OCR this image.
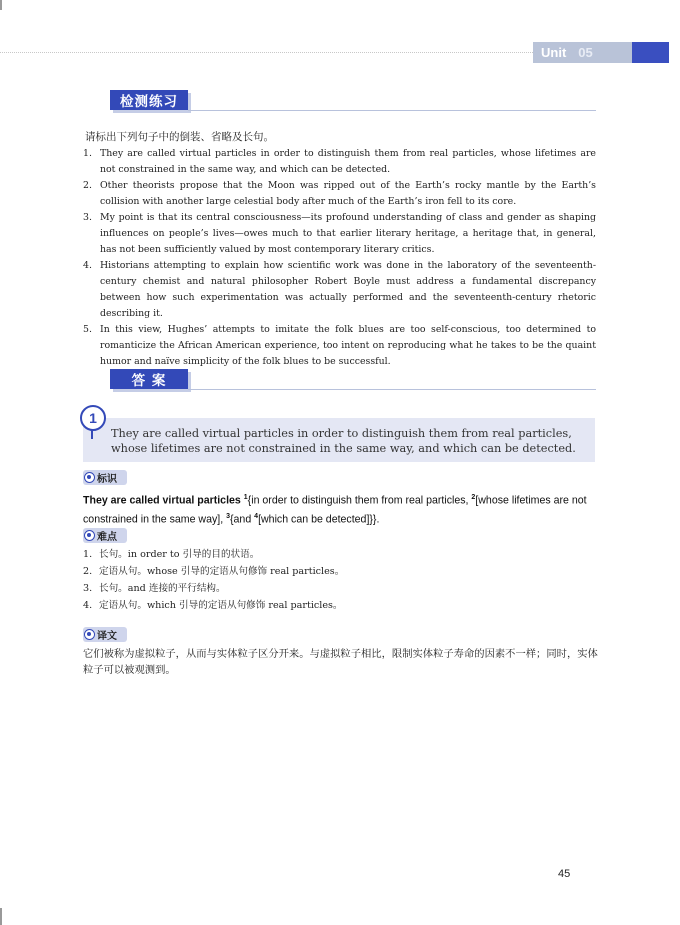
Unit 05
检测练习
请标出下列句子中的倒装、省略及长句。
1. They are called virtual particles in order to distinguish them from real particles, whose lifetimes are not constrained in the same way, and which can be detected.
2. Other theorists propose that the Moon was ripped out of the Earth’s rocky mantle by the Earth’s collision with another large celestial body after much of the Earth’s iron fell to its core.
3. My point is that its central consciousness—its profound understanding of class and gender as shaping influences on people’s lives—owes much to that earlier literary heritage, a heritage that, in general, has not been sufficiently valued by most contemporary literary critics.
4. Historians attempting to explain how scientific work was done in the laboratory of the seventeenth-century chemist and natural philosopher Robert Boyle must address a fundamental discrepancy between how such experimentation was actually performed and the seventeenth-century rhetoric describing it.
5. In this view, Hughes’ attempts to imitate the folk blues are too self-conscious, too determined to romanticize the African American experience, too intent on reproducing what he takes to be the quaint humor and naïve simplicity of the folk blues to be successful.
答 案
They are called virtual particles in order to distinguish them from real particles, whose lifetimes are not constrained in the same way, and which can be detected.
1
标识
They are called virtual particles $^1${in order to distinguish them from real particles, $^2$[whose lifetimes are not constrained in the same way], $^3${and $^4$[which can be detected]}}.
难点
1. 长句。in order to 引导的目的状语。
2. 定语从句。whose 引导的定语从句修饰 real particles。
3. 长句。and 连接的平行结构。
4. 定语从句。which 引导的定语从句修饰 real particles。
译文
它们被称为虚拟粒子，从而与实体粒子区分开来。与虚拟粒子相比，限制实体粒子寿命的因素不一样；同时，实体粒子可以被观测到。
45
